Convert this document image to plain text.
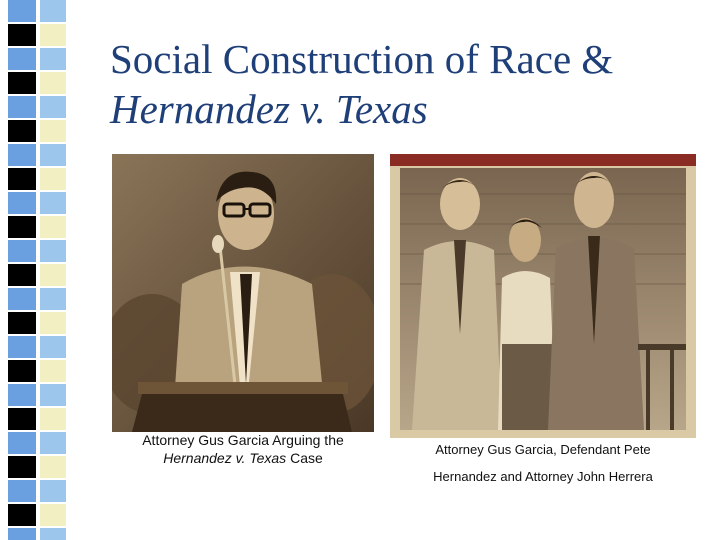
Social Construction of Race &
Hernandez v. Texas
Attorney Gus Garcia Arguing the
Hernandez v. Texas Case
Attorney Gus Garcia, Defendant Pete
Hernandez and Attorney John Herrera
